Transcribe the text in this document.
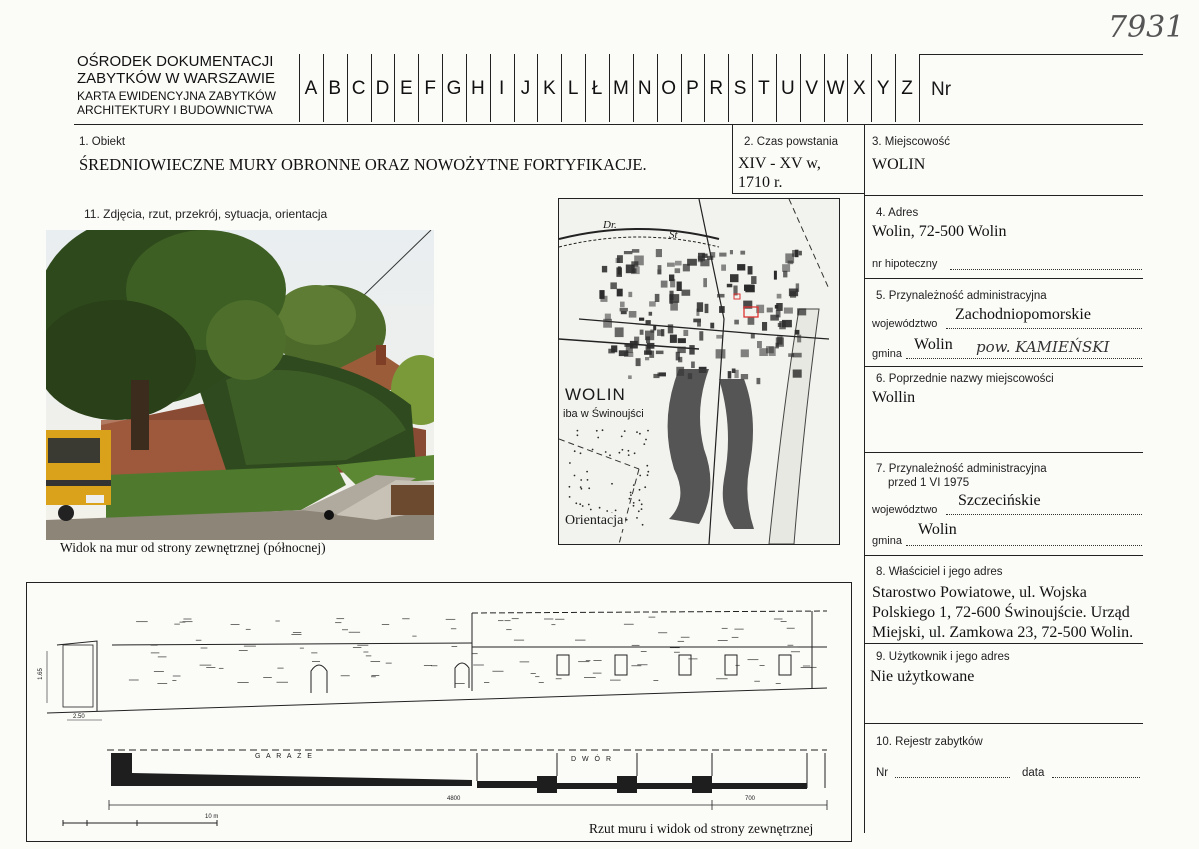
7931
OŚRODEK DOKUMENTACJI
ZABYTKÓW W WARSZAWIE
KARTA EWIDENCYJNA ZABYTKÓW
ARCHITEKTURY I BUDOWNICTWA
A B C D E F G H I J K L Ł M N O P R S T U V W X Y Z Nr
1. Obiekt
ŚREDNIOWIECZNE MURY OBRONNE ORAZ NOWOŻYTNE FORTYFIKACJE.
2. Czas powstania
XIV - XV w,
1710 r.
3. Miejscowość
WOLIN
11. Zdjęcia, rzut, przekrój, sytuacja, orientacja
Widok na mur od strony zewnętrznej (północnej)
WOLIN
iba w Świnoujści
Dr.
St
Orientacja
4. Adres
Wolin, 72-500 Wolin
nr hipoteczny
5. Przynależność administracyjna
województwo
Zachodniopomorskie
gmina
Wolin pow. KAMIEŃSKI
6. Poprzednie nazwy miejscowości
Wollin
7. Przynależność administracyjna
przed 1 VI 1975
województwo
Szczecińskie
gmina
Wolin
8. Właściciel i jego adres
Starostwo Powiatowe, ul. Wojska
Polskiego 1, 72-600 Świnoujście. Urząd
Miejski, ul. Zamkowa 23, 72-500 Wolin.
9. Użytkownik i jego adres
Nie użytkowane
10. Rejestr zabytków
Nr	data
G A R A Ż E	D W Ó R
4800	700
1.65
2.50
10 m
Rzut muru i widok od strony zewnętrznej
